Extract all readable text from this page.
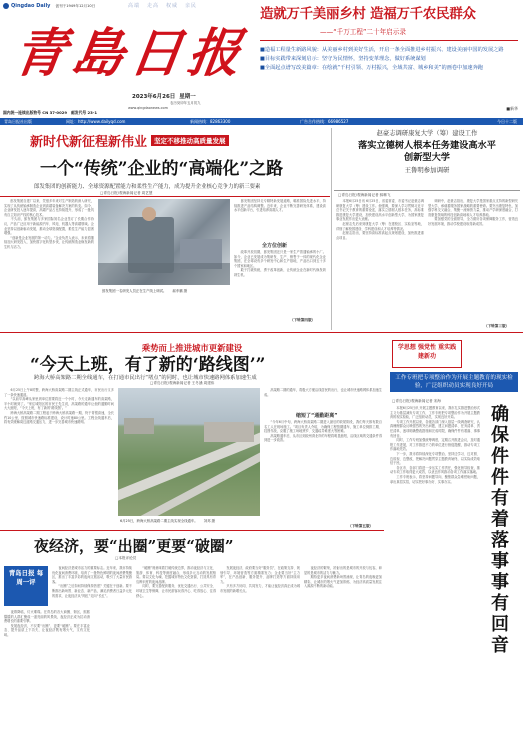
Qingdao Daily 创刊于1949年12月10日	高端 走高 权威 亲民
青島日报
2023年6月26日 星期一
农历癸卯年五月初九
www.qingdaonews.com
国内统一连续出版物号 CN 37-0029 邮发代号 23-1
青岛日报社出版	网址：http://www.dailyqd.com	新闻热线：82863300	广告合作热线：66986527	今日十二版
造就万千美丽乡村 造福万千农民群众
——“千万工程”二十年启示录
■造福工程量生新路风貌：从美丽乡村到美好生活，开启一条全面推进乡村振兴、建设美丽中国的发展之路
■目标实践带来深刻启示：坚守为民情怀，坚持变革理念，做好系统谋划
■全面起点谱写改美篇章：在绘就“千村引领、万村振兴，全域共富、城乡和美”的画卷中加速奔跑
■新华
新时代新征程新伟业	坚定不移推动高质量发展
一个“传统”企业的“高端化”之路
郎发集团的创新能力、全球资源配置能力和柔性生产能力，成为提升企业核心竞争力的新三要素
□青岛日报/观海新闻记者 周艺慧

　　郎发集团自建厂以来，凭借多年来对生产制造的深入研究，实现了从传统轴承制造企业到高端装备解决方案的转变。如今，企业研发投入逐年提高，高端产品占比持续提升，形成了一批具有自主知识产权的核心技术。

　　不久前，郎发集团与多家国际知名企业签订了长期合作协议，产品广泛应用于新能源汽车、风电、机器人等高端领域。企业坚持以创新驱动发展，推动全球资源配置，柔性生产能力显著增强。

　　“创新是企业发展的第一动力。”企业负责人表示，未来将继续加大研发投入，加快数字化转型步伐，让传统制造业焕发新的生机与活力。

郎发集团一名研发人员正在生产线上调试。 郝孝鹏 摄

　　郎发集团坚持走专精特新发展道路，瞄准国际先进水平，持续推进产品结构调整。近年来，企业不断完善研发体系，建设高水平创新平台，引进培养高端人才。

全方位创新

　　改革开放初期，郎发集团还只是一家生产普通轴承的小厂。如今，企业已发展成为集研发、生产、销售于一体的现代化企业集团，在全球设有多个研发中心和生产基地，产品出口到五十多个国家和地区。

　　敢于打破传统，勇于改革创新，让传统企业在新时代焕发勃勃生机。

（下转第四版）
赵豪志调研康复大学（筹）建设工作
落实立德树人根本任务建设高水平创新型大学
王鲁明参加调研
□青岛日报/观海新闻记者 薛琳飞

　　本报6月25日讯 6月25日，省委常委、市委书记赵豪志调研康复大学（筹）建设工作。他强调，要深入学习贯彻习近平总书记关于教育的重要论述，落实立德树人根本任务，高标准推进康复大学建设，加快建设高水平创新型大学，为国家康复事业发展作出更大贡献。

　　赵豪志先后来到康复大学（筹）在建校区、实验室等地，详细了解校园建设、学科建设和人才培养等情况。

　　赵豪志指出，要坚持高标准高起点规划建设，加快推进重点项目。

　　调研中，赵豪志指出，康复大学是国家重点支持的新型研究型大学，承载着服务国家战略的重要使命。要突出康复特色，加强学科交叉融合，集聚一流师资力量，推动产学研深度融合，打造康复领域的科技创新高地和人才培养基地。

　　要加强党的全面领导，全力做好各项保障服务工作，营造良好发展环境，推动学校建设取得新成效。

（下转第三版）
乘势而上推进城市更新建设
“今天上班，有了新的‘路线图’”
跨海大桥高架路二期全线通车，在打通市民出行“堵点”的同时，也让城市快速路网体系加速生成
□青岛日报/观海新闻记者 王冬涵 周建伟

　　6月25日上午8时整，跨海大桥高架路二期主线正式通车，市民出行又多了一条快速通道。

　　“以前早高峰从家里到单位需要将近一个小时，今天走新通车的高架路，半小时就到了。”家住城阳区的市民王先生说，高架路的通车让他的通勤时间大大缩短，“今天上班，有了新的‘路线图’。”

　　跨海大桥高架路二期工程起于跨海大桥高架路一期，终于青银高速，全长约10公里，按照城市快速路标准建设，设计时速80公里。工程全线通车后，将有效缓解周边道路交通压力，进一步完善城市快速路网。

6月25日，跨海大桥高架路二期主线实现全线通车。 刘邦 摄

　　高架路二期的通车，将极大方便沿线居民的出行，也让城市快速路网体系加速生成。

缩短了“通勤距离”

　　“今年6月中旬，跨海大桥高架路二期进入最后的收尾阶段，我们每天都有数百名工人在现场施工。”项目负责人介绍，为确保工程按期通车，施工单位倒排工期、挂图作战，克服了施工场地狭窄、交通疏导难度大等困难。

　　高架路通车后，从市区到胶州湾北岸的车程将明显缩短，沿线区域的交通条件得到进一步改善。

（下转第五版）
学思想 强党性 重实践 建新功
工作专班把专项整治作为开展主题教育的现实检验，广泛组织动员实现良好开局
□青岛日报/观海新闻记者 宋海

　　本报6月25日讯 开展主题教育以来，我市扎实推进整治形式主义为基层减负专项工作，工作专班把专项整治作为开展主题教育的现实检验，广泛组织动员，实现良好开局。

　　专项工作开展以来，各级各部门深入基层一线调查研究，认真梳理群众反映强烈的突出问题，建立问题清单、任务清单、责任清单，逐项明确整改措施和完成时限，确保件件有着落、事事有回音。

　　同时，工作专班加强统筹调度，定期召开推进会议，及时通报工作进展，对工作推进不力的单位进行督促提醒，推动专项工作落地见效。

　　下一步，我市将持续深化专项整治，坚持边学习、边对照、边检视、边整改，把解决问题贯穿主题教育始终，以实际成效取信于民。

　　各区市、各部门将进一步压实工作责任，强化督导检查，推动专项工作取得更大成效，以优良作风推动各项工作落实落地。

　　工作专班表示，将坚持问题导向，聚焦群众急难愁盼问题，拿出真招实招，切实把好事办好、实事办实。

确保件件有着落事事有回音
夜经济，要“出圈”更要“破圈”
□本报评论员
青岛日报 每周一评

　　夜幕降临，灯火璀璨。在青岛的各大商圈、街区，熙熙攘攘的人群汇聚成一道亮丽的风景线，夜经济正成为拉动消费增长的重要引擎。

　　发展夜经济，不仅要“出圈”，更要“破圈”。要在丰富业态、提升品质上下功夫，让夜经济既有烟火气，又有文化味。

　　夜间经济是城市活力的重要标志。近年来，我市持续优化夜间消费环境，培育了一批特色鲜明的夜间消费集聚区，推出了丰富多彩的夜间文旅活动，吸引了大量市民游客。

　　“出圈”之后如何持续保持热度？关键在于创新。要不断推出新场景、新业态、新产品，满足消费者日益多元化的需求，让夜经济从“网红”走向“长红”。

　　“破圈”则意味着打破传统边界，推动夜经济与文化、旅游、体育、科技等深度融合，形成多元互动的发展格局。要以文化为魂，挖掘城市特色文化资源，打造具有青岛辨识度的夜间品牌。

　　同时，要完善配套服务，优化交通出行、公共安全、环境卫生等保障，让市民游客玩得开心、吃得放心、住得舒心。

　　发展夜经济，政府要当好“服务员”，在政策支持、规划引导、环境营造等方面精准发力；企业要当好“主力军”，在产品创新、服务提升、品牌打造等方面持续用力。

　　只有多方协同、共同发力，才能让夜经济真正成为城市发展的新增长点。

　　夜经济的繁荣，折射出的是城市的开放与包容，彰显的是城市的活力与魅力。

　　期待更多夜间消费新场景涌现，让青岛的夜晚更加精彩，让城市的烟火气更加浓郁，为经济高质量发展注入源源不断的新动能。
